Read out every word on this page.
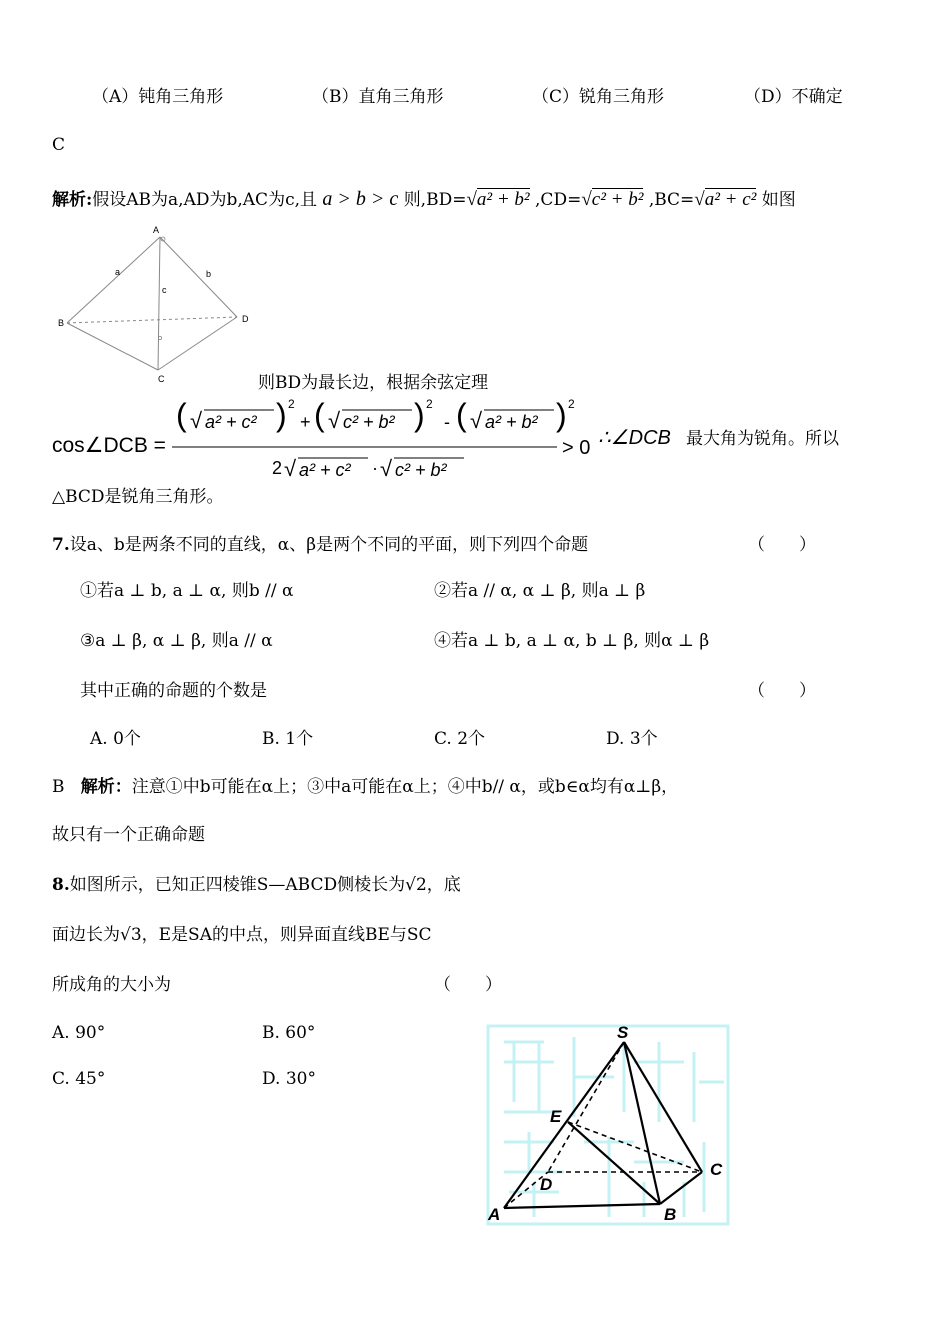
（A）钝角三角形	（B）直角三角形	（C）锐角三角形	（D）不确定
C
解析:假设AB为a,AD为b,AC为c,且 a > b > c 则,BD=√a² + b² ,CD=√c² + b² ,BC=√a² + c² 如图
A
B
C
D
a	b
c
则BD为最长边，根据余弦定理
cos∠DCB =
( √ a² + c² ) 2
+ ( √ c² + b² ) 2
- ( √ a² + b² ) 2
2 √ a² + c² · √ c² + b²
> 0 ∴∠DCB 最大角为锐角。所以
△BCD是锐角三角形。
7.设a、b是两条不同的直线，α、β是两个不同的平面，则下列四个命题	（　　）
①若a ⊥ b, a ⊥ α, 则b // α	②若a // α, α ⊥ β, 则a ⊥ β
③a ⊥ β, α ⊥ β, 则a // α	④若a ⊥ b, a ⊥ α, b ⊥ β, 则α ⊥ β
其中正确的命题的个数是	（　　）
A. 0个	B. 1个	C. 2个	D. 3个
B 解析：注意①中b可能在α上；③中a可能在α上；④中b// α，或b∈α均有α⊥β，
故只有一个正确命题
8.如图所示，已知正四棱锥S—ABCD侧棱长为√2，底
面边长为√3，E是SA的中点，则异面直线BE与SC
所成角的大小为	（　　）
A. 90°	B. 60°
C. 45°	D. 30°
S
E
D
C
A	B
